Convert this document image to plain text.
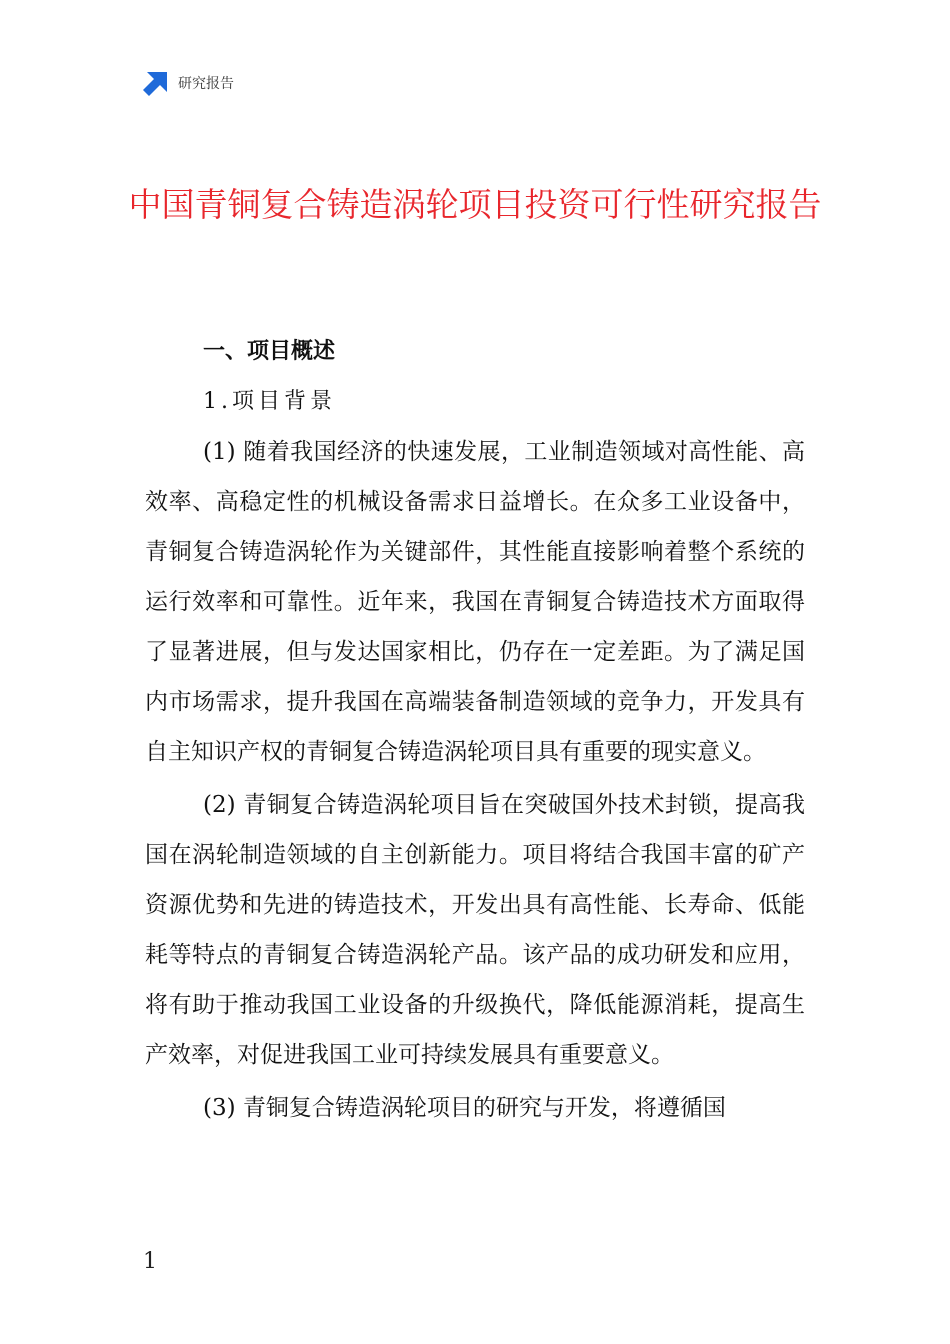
研究报告
中国青铜复合铸造涡轮项目投资可行性研究报告
一、项目概述
1.项目背景

(1) 随着我国经济的快速发展，工业制造领域对高性能、高效率、高稳定性的机械设备需求日益增长。在众多工业设备中，青铜复合铸造涡轮作为关键部件，其性能直接影响着整个系统的运行效率和可靠性。近年来，我国在青铜复合铸造技术方面取得了显著进展，但与发达国家相比，仍存在一定差距。为了满足国内市场需求，提升我国在高端装备制造领域的竞争力，开发具有自主知识产权的青铜复合铸造涡轮项目具有重要的现实意义。

(2) 青铜复合铸造涡轮项目旨在突破国外技术封锁，提高我国在涡轮制造领域的自主创新能力。项目将结合我国丰富的矿产资源优势和先进的铸造技术，开发出具有高性能、长寿命、低能耗等特点的青铜复合铸造涡轮产品。该产品的成功研发和应用，将有助于推动我国工业设备的升级换代，降低能源消耗，提高生产效率，对促进我国工业可持续发展具有重要意义。

(3) 青铜复合铸造涡轮项目的研究与开发，将遵循国

1
